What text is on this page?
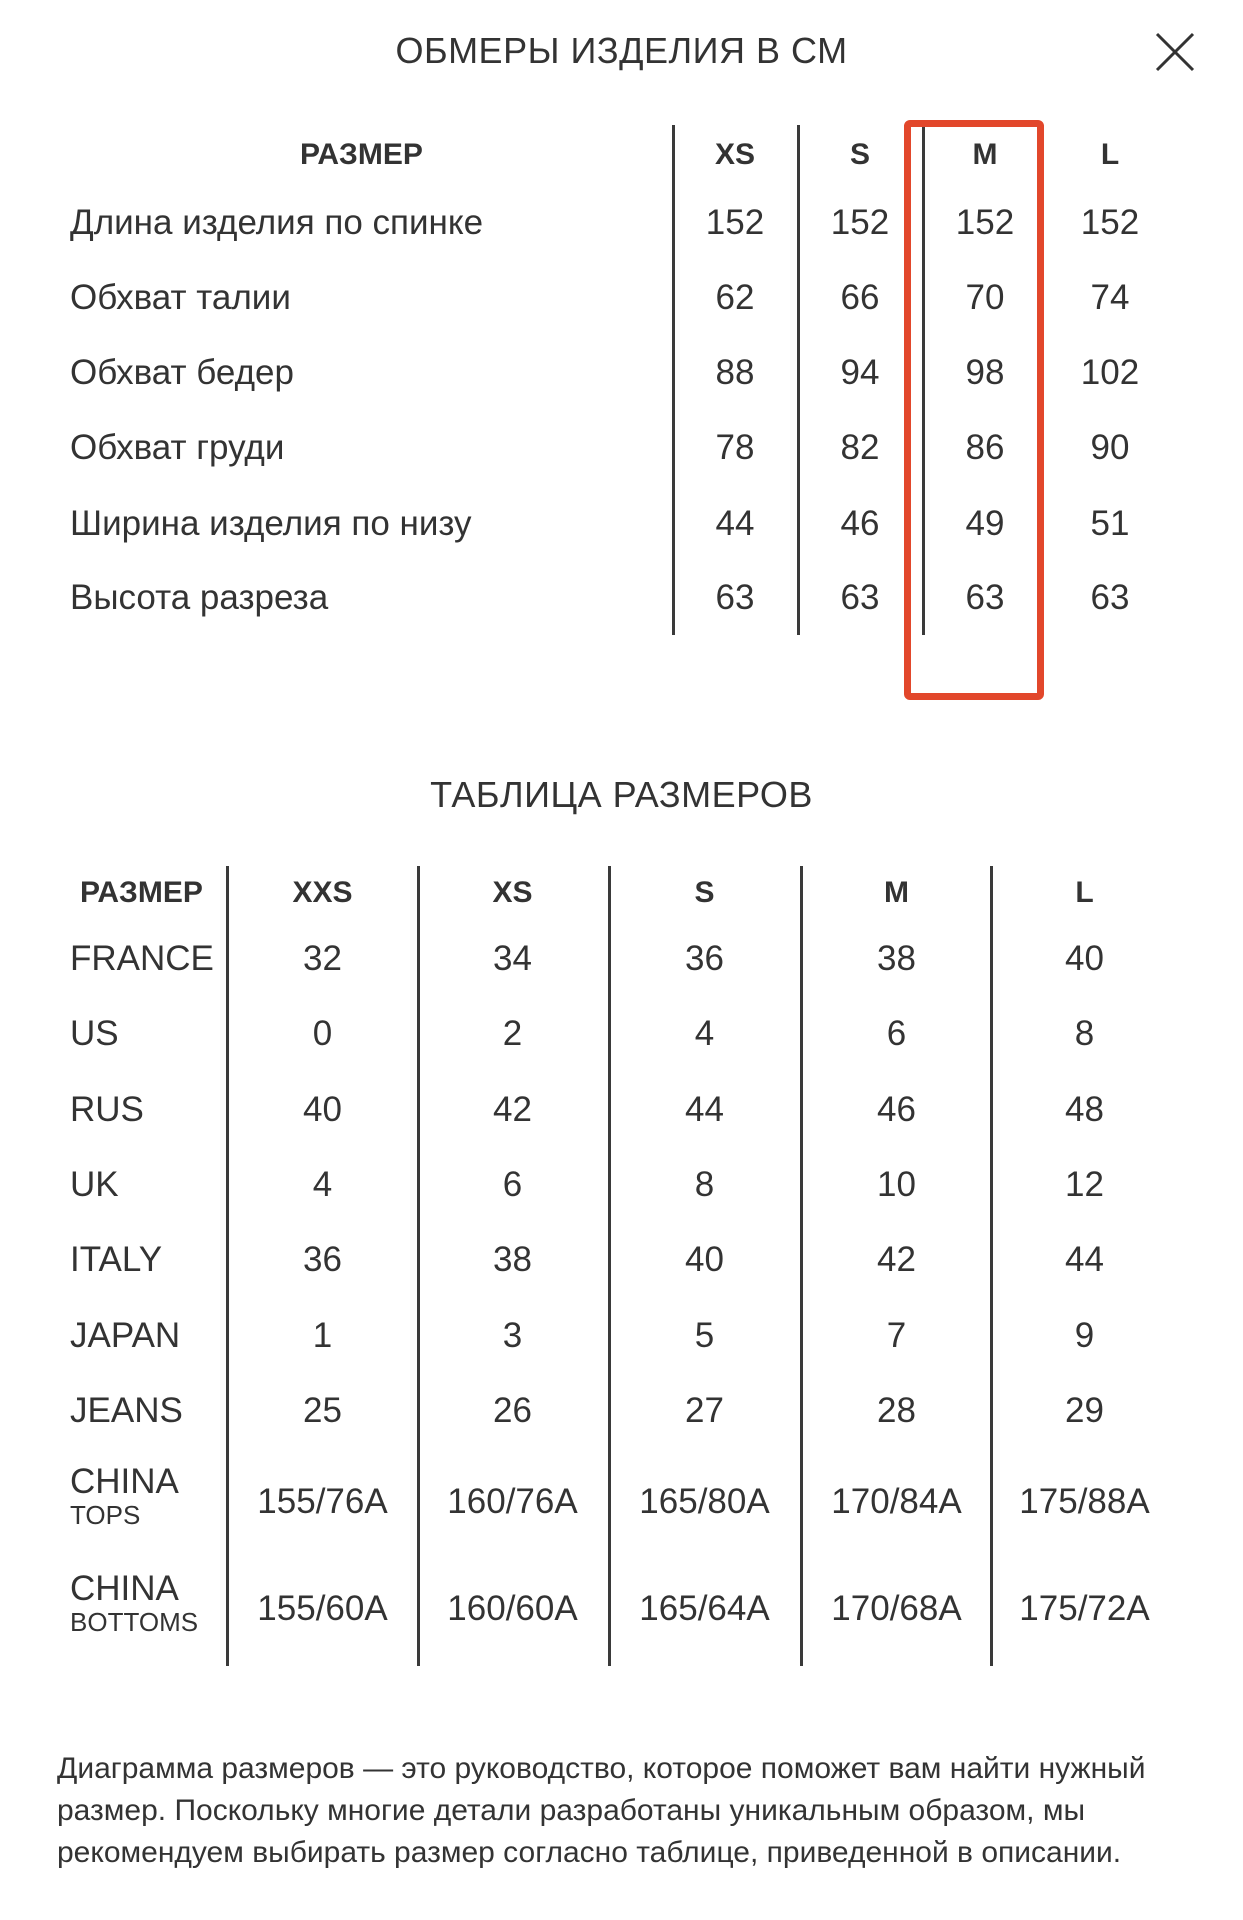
ОБМЕРЫ ИЗДЕЛИЯ В СМ
РАЗМЕР	XS	S	M	L
Длина изделия по спинке	152	152	152	152
Обхват талии	62	66	70	74
Обхват бедер	88	94	98	102
Обхват груди	78	82	86	90
Ширина изделия по низу	44	46	49	51
Высота разреза	63	63	63	63
ТАБЛИЦА РАЗМЕРОВ
РАЗМЕР	XXS	XS	S	M	L
FRANCE	32	34	36	38	40
US	0	2	4	6	8
RUS	40	42	44	46	48
UK	4	6	8	10	12
ITALY	36	38	40	42	44
JAPAN	1	3	5	7	9
JEANS	25	26	27	28	29
CHINA
TOPS	155/76A	160/76A	165/80A	170/84A	175/88A
CHINA
BOTTOMS	155/60A	160/60A	165/64A	170/68A	175/72A

Диаграмма размеров — это руководство, которое поможет вам найти нужный размер. Поскольку многие детали разработаны уникальным образом, мы рекомендуем выбирать размер согласно таблице, приведенной в описании.
